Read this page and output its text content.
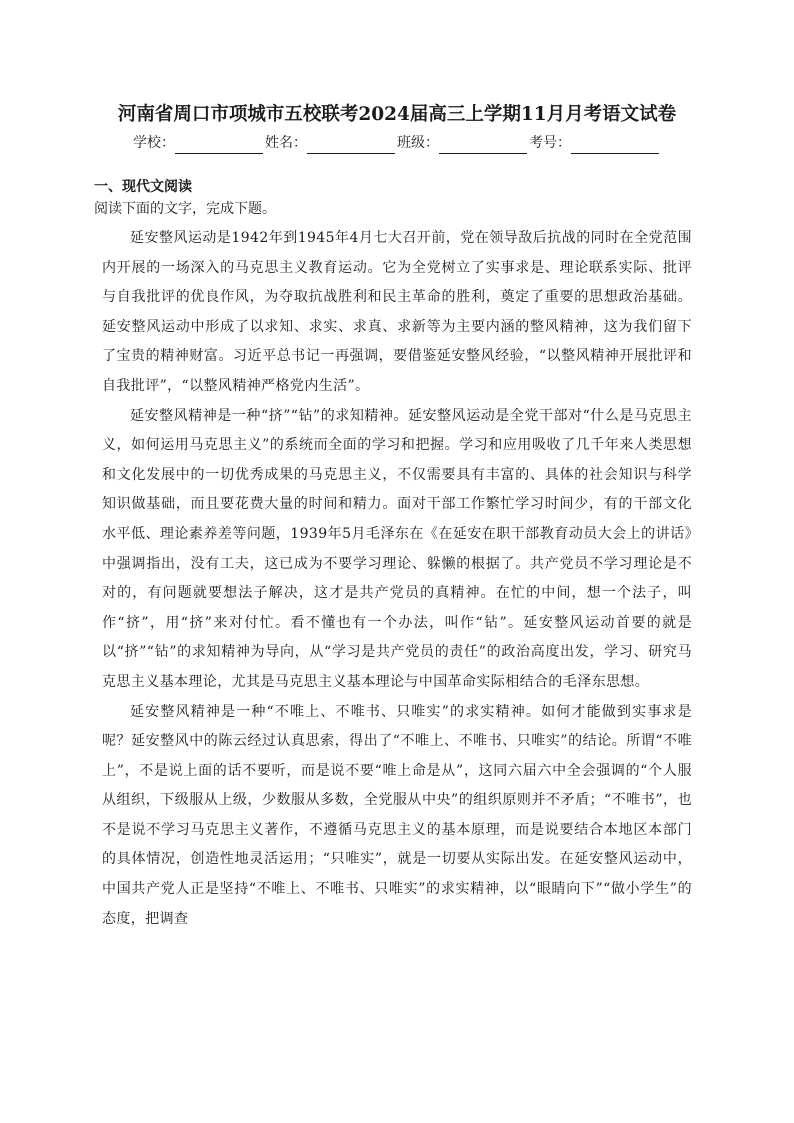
河南省周口市项城市五校联考2024届高三上学期11月月考语文试卷
学校：	姓名：	班级：	考号：
一、现代文阅读
阅读下面的文字，完成下题。

延安整风运动是1942年到1945年4月七大召开前，党在领导敌后抗战的同时在全党范围内开展的一场深入的马克思主义教育运动。它为全党树立了实事求是、理论联系实际、批评与自我批评的优良作风，为夺取抗战胜利和民主革命的胜利，奠定了重要的思想政治基础。延安整风运动中形成了以求知、求实、求真、求新等为主要内涵的整风精神，这为我们留下了宝贵的精神财富。习近平总书记一再强调，要借鉴延安整风经验，“以整风精神开展批评和自我批评”，“以整风精神严格党内生活”。

延安整风精神是一种“挤”“钻”的求知精神。延安整风运动是全党干部对“什么是马克思主义，如何运用马克思主义”的系统而全面的学习和把握。学习和应用吸收了几千年来人类思想和文化发展中的一切优秀成果的马克思主义，不仅需要具有丰富的、具体的社会知识与科学知识做基础，而且要花费大量的时间和精力。面对干部工作繁忙学习时间少，有的干部文化水平低、理论素养差等问题，1939年5月毛泽东在《在延安在职干部教育动员大会上的讲话》中强调指出，没有工夫，这已成为不要学习理论、躲懒的根据了。共产党员不学习理论是不对的，有问题就要想法子解决，这才是共产党员的真精神。在忙的中间，想一个法子，叫作“挤”，用“挤”来对付忙。看不懂也有一个办法，叫作“钻”。延安整风运动首要的就是以“挤”“钻”的求知精神为导向，从“学习是共产党员的责任”的政治高度出发，学习、研究马克思主义基本理论，尤其是马克思主义基本理论与中国革命实际相结合的毛泽东思想。

延安整风精神是一种“不唯上、不唯书、只唯实”的求实精神。如何才能做到实事求是呢？延安整风中的陈云经过认真思索，得出了“不唯上、不唯书、只唯实”的结论。所谓“不唯上”，不是说上面的话不要听，而是说不要“唯上命是从”，这同六届六中全会强调的“个人服从组织，下级服从上级，少数服从多数，全党服从中央”的组织原则并不矛盾；“不唯书”，也不是说不学习马克思主义著作，不遵循马克思主义的基本原理，而是说要结合本地区本部门的具体情况，创造性地灵活运用；“只唯实”，就是一切要从实际出发。在延安整风运动中，中国共产党人正是坚持“不唯上、不唯书、只唯实”的求实精神，以“眼睛向下”“做小学生”的态度，把调查
